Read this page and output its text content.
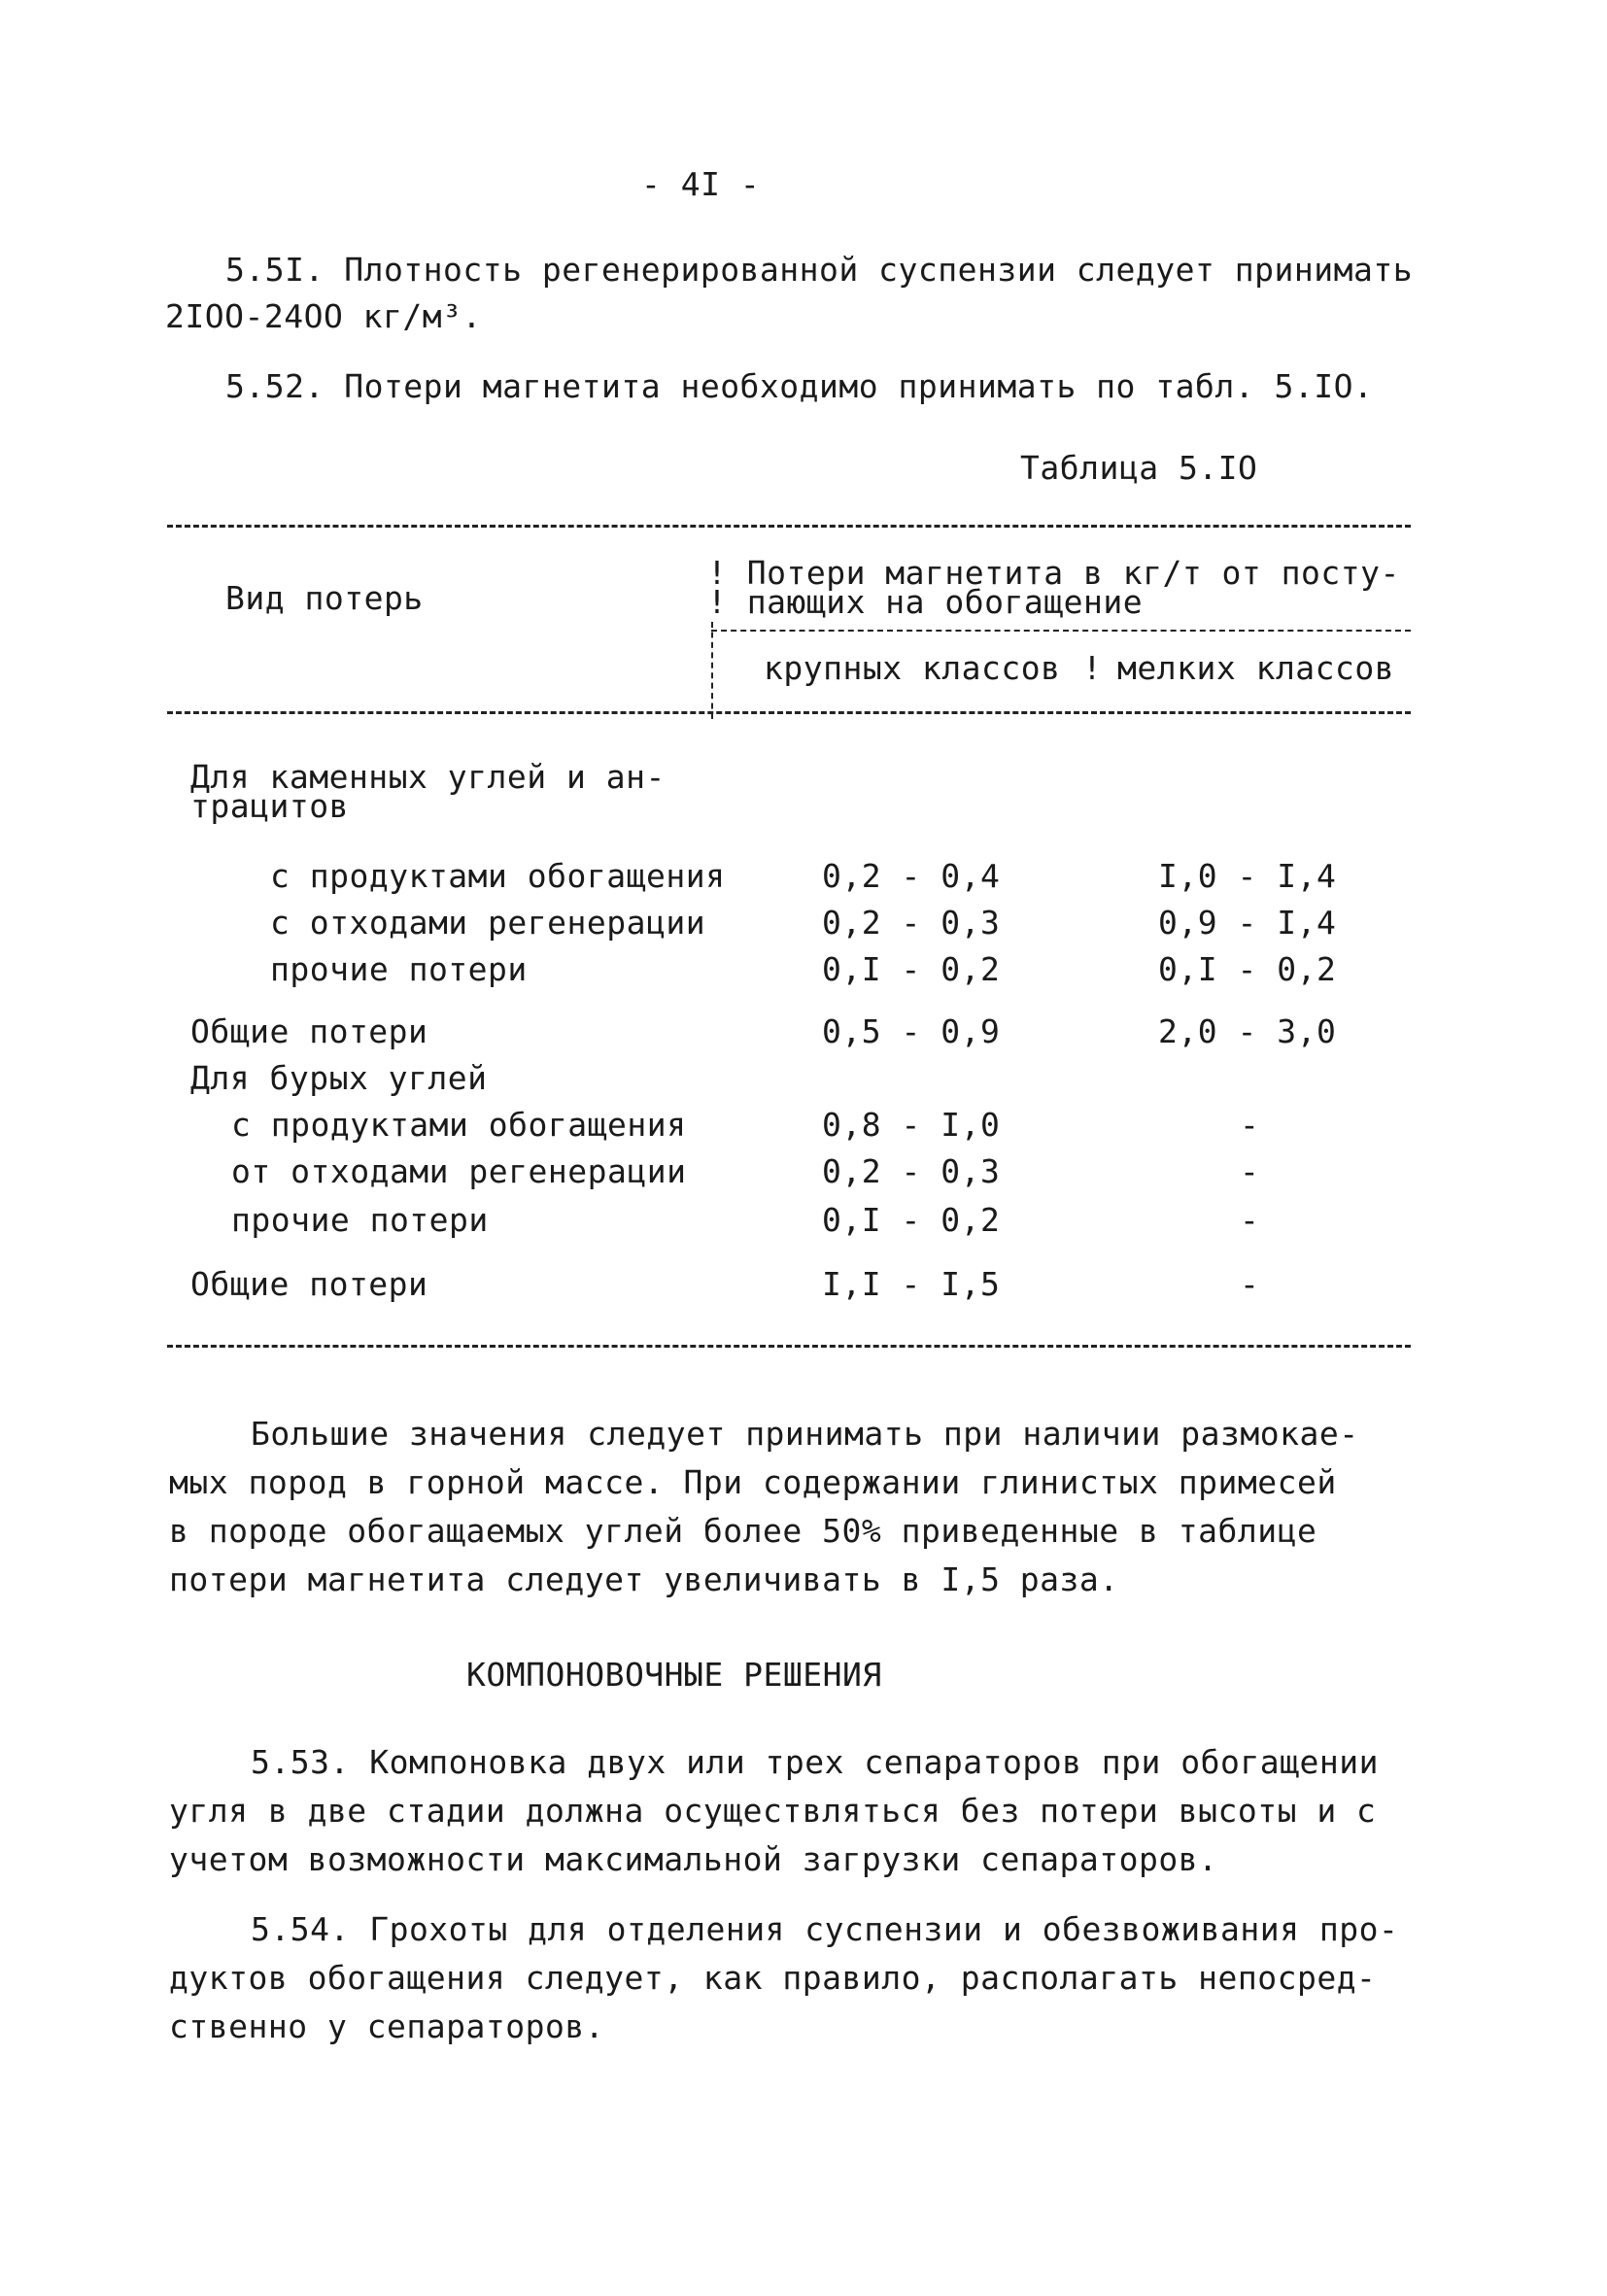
- 4I -
5.5I. Плотность регенерированной суспензии следует принимать
2IOO-24OO кг/м³.
5.52. Потери магнетита необходимо принимать по табл. 5.IO.
Таблица 5.IO
Вид потерь
! Потери магнетита в кг/т от посту-
! пающих на обогащение
крупных классов ! мелких классов
Для каменных углей и ан-
трацитов
с продуктами обогащения	0,2 - 0,4	I,0 - I,4
с отходами регенерации	0,2 - 0,3	0,9 - I,4
прочие потери	0,I - 0,2	0,I - 0,2
Общие потери	0,5 - 0,9	2,0 - 3,0
Для бурых углей
с продуктами обогащения	0,8 - I,0	-
от отходами регенерации	0,2 - 0,3	-
прочие потери	0,I - 0,2	-
Общие потери	I,I - I,5	-
Большие значения следует принимать при наличии размокае-
мых пород в горной массе. При содержании глинистых примесей
в породе обогащаемых углей более 50% приведенные в таблице
потери магнетита следует увеличивать в I,5 раза.
КОМПОНОВОЧНЫЕ РЕШЕНИЯ
5.53. Компоновка двух или трех сепараторов при обогащении
угля в две стадии должна осуществляться без потери высоты и с
учетом возможности максимальной загрузки сепараторов.
5.54. Грохоты для отделения суспензии и обезвоживания про-
дуктов обогащения следует, как правило, располагать непосред-
ственно у сепараторов.
